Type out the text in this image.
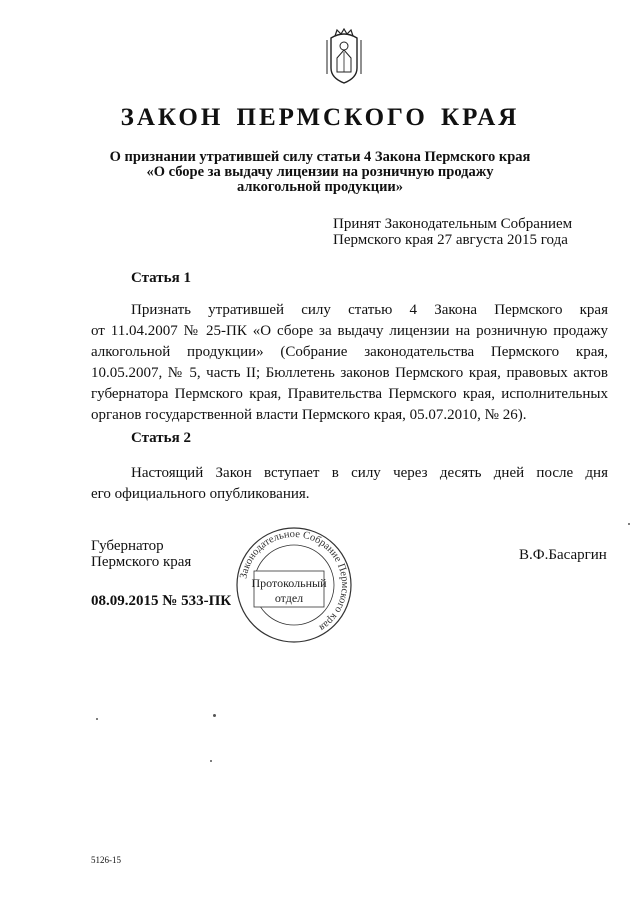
ЗАКОН ПЕРМСКОГО КРАЯ
О признании утратившей силу статьи 4 Закона Пермского края
«О сборе за выдачу лицензии на розничную продажу
алкогольной продукции»
Принят Законодательным Собранием
Пермского края 27 августа 2015 года
Статья 1
Признать утратившей силу статью 4 Закона Пермского края
от 11.04.2007 № 25-ПК «О сборе за выдачу лицензии на розничную продажу
алкогольной продукции» (Собрание законодательства Пермского края,
10.05.2007, № 5, часть II; Бюллетень законов Пермского края, правовых актов
губернатора Пермского края, Правительства Пермского края, исполнительных
органов государственной власти Пермского края, 05.07.2010, № 26).
Статья 2
Настоящий Закон вступает в силу через десять дней после дня
его официального опубликования.
Губернатор
Пермского края	В.Ф.Басаргин
08.09.2015 № 533-ПК
Законодательное Собрание Пермского края
Протокольный
отдел
5126-15
